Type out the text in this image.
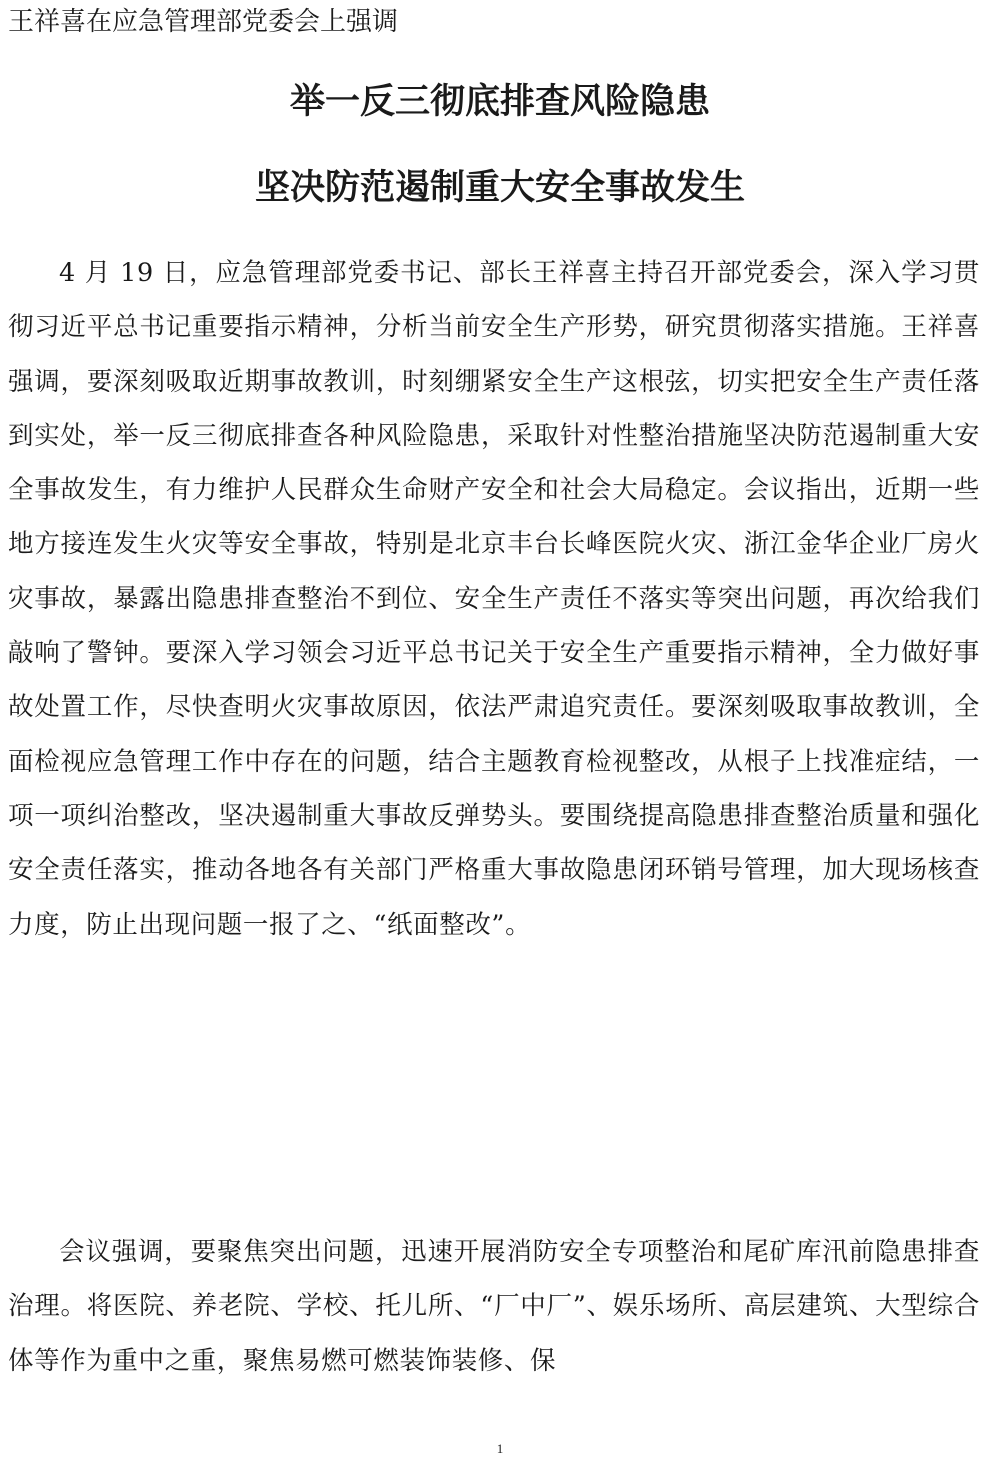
王祥喜在应急管理部党委会上强调
举一反三彻底排查风险隐患
坚决防范遏制重大安全事故发生

4 月 19 日，应急管理部党委书记、部长王祥喜主持召开部党委会，深入学习贯彻习近平总书记重要指示精神，分析当前安全生产形势，研究贯彻落实措施。王祥喜强调，要深刻吸取近期事故教训，时刻绷紧安全生产这根弦，切实把安全生产责任落到实处，举一反三彻底排查各种风险隐患，采取针对性整治措施坚决防范遏制重大安全事故发生，有力维护人民群众生命财产安全和社会大局稳定。会议指出，近期一些地方接连发生火灾等安全事故，特别是北京丰台长峰医院火灾、浙江金华企业厂房火灾事故，暴露出隐患排查整治不到位、安全生产责任不落实等突出问题，再次给我们敲响了警钟。要深入学习领会习近平总书记关于安全生产重要指示精神，全力做好事故处置工作，尽快查明火灾事故原因，依法严肃追究责任。要深刻吸取事故教训，全面检视应急管理工作中存在的问题，结合主题教育检视整改，从根子上找准症结，一项一项纠治整改，坚决遏制重大事故反弹势头。要围绕提高隐患排查整治质量和强化安全责任落实，推动各地各有关部门严格重大事故隐患闭环销号管理，加大现场核查力度，防止出现问题一报了之、“纸面整改”。

会议强调，要聚焦突出问题，迅速开展消防安全专项整治和尾矿库汛前隐患排查治理。将医院、养老院、学校、托儿所、“厂中厂”、娱乐场所、高层建筑、大型综合体等作为重中之重，聚焦易燃可燃装饰装修、保

1
